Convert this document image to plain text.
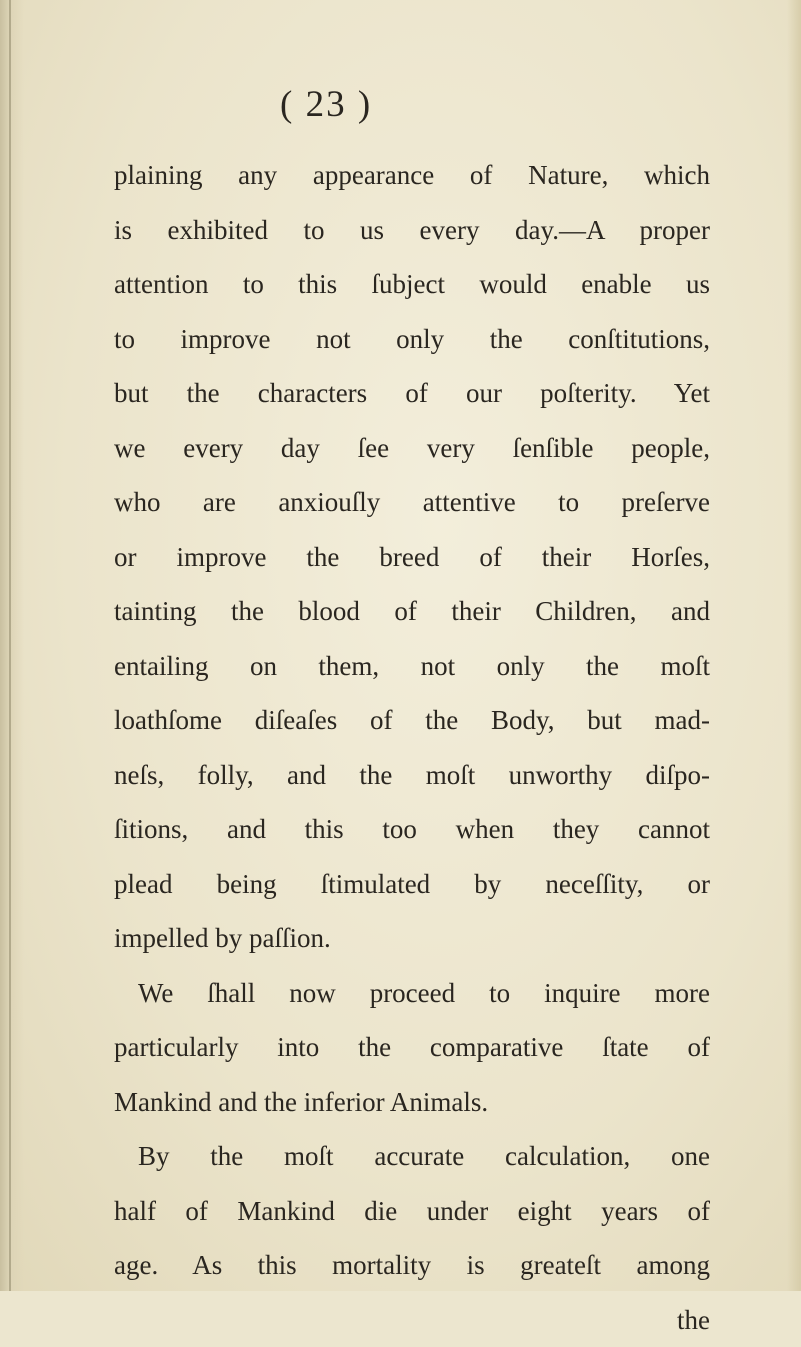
( 23 )
plaining any appearance of Nature, which
is exhibited to us every day.—A proper
attention to this ſubject would enable us
to improve not only the conſtitutions,
but the characters of our poſterity. Yet
we every day ſee very ſenſible people,
who are anxiouſly attentive to preſerve
or improve the breed of their Horſes,
tainting the blood of their Children, and
entailing on them, not only the moſt
loathſome diſeaſes of the Body, but mad-
neſs, folly, and the moſt unworthy diſpo-
ſitions, and this too when they cannot
plead being ſtimulated by neceſſity, or
impelled by paſſion.
We ſhall now proceed to inquire more
particularly into the comparative ſtate of
Mankind and the inferior Animals.
By the moſt accurate calculation, one
half of Mankind die under eight years of
age. As this mortality is greateſt among
the
